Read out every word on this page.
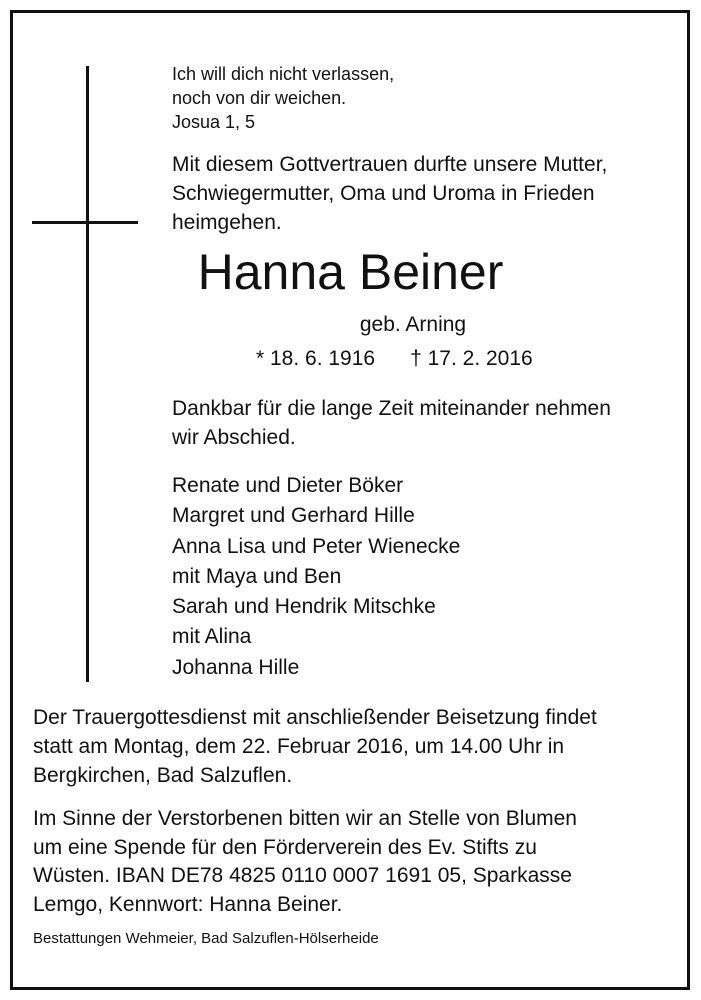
Ich will dich nicht verlassen,
noch von dir weichen.
Josua 1, 5
Mit diesem Gottvertrauen durfte unsere Mutter,
Schwiegermutter, Oma und Uroma in Frieden
heimgehen.
Hanna Beiner
geb. Arning
* 18. 6. 1916 † 17. 2. 2016
Dankbar für die lange Zeit miteinander nehmen
wir Abschied.
Renate und Dieter Böker
Margret und Gerhard Hille
Anna Lisa und Peter Wienecke
mit Maya und Ben
Sarah und Hendrik Mitschke
mit Alina
Johanna Hille
Der Trauergottesdienst mit anschließender Beisetzung findet
statt am Montag, dem 22. Februar 2016, um 14.00 Uhr in
Bergkirchen, Bad Salzuflen.
Im Sinne der Verstorbenen bitten wir an Stelle von Blumen
um eine Spende für den Förderverein des Ev. Stifts zu
Wüsten. IBAN DE78 4825 0110 0007 1691 05, Sparkasse
Lemgo, Kennwort: Hanna Beiner.
Bestattungen Wehmeier, Bad Salzuflen-Hölserheide
